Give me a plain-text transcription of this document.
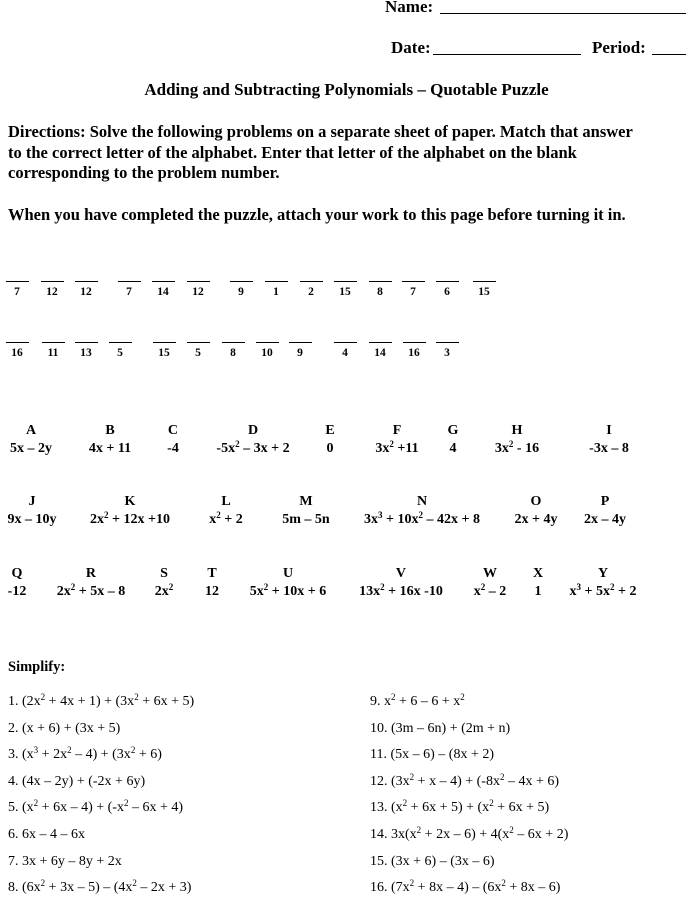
Name:
Date:	Period:
Adding and Subtracting Polynomials – Quotable Puzzle
Directions: Solve the following problems on a separate sheet of paper. Match that answer
to the correct letter of the alphabet. Enter that letter of the alphabet on the blank
corresponding to the problem number.
When you have completed the puzzle, attach your work to this page before turning it in.
7 12 12	7 14 12	9	1	2 15 8 7 6 15
16 11 13 5	15 5	8 10 9	4 14 16 3
A
5x – 2y
B
4x + 11
C
-4
D
$-5x^2 - 3x + 2$
E
0
F
$3x^2 +11$
G
4
H
$3x^2 - 16$
I
-3x – 8
J
9x – 10y
K
$2x^2 + 12x +10$
L
$x^2 + 2$
M
5m – 5n
N
$3x^3 + 10x^2 - 42x + 8$
O
2x + 4y
P
2x – 4y
Q
-12
R
$2x^2 + 5x - 8$
S
$2x^2$
T
12
U
$5x^2 + 10x + 6$
V
$13x^2 + 16x$ -10
W
$x^2 - 2$
X
1
Y
$x^3 + 5x^2 + 2$
Simplify:
1. $(2x^2 + 4x + 1) + (3x^2 + 6x + 5)$
2. (x + 6) + (3x + 5)
3. $(x^3 + 2x^2 - 4) + (3x^2 + 6)$
4. (4x – 2y) + (-2x + 6y)
5. $(x^2 + 6x - 4) + (-x^2 - 6x + 4)$
6. 6x – 4 – 6x
7. 3x + 6y – 8y + 2x
8. $(6x^2 + 3x - 5) - (4x^2 - 2x + 3)$
9. $x^2 + 6 - 6 + x^2$
10. (3m – 6n) + (2m + n)
11. (5x – 6) – (8x + 2)
12. $(3x^2 + x - 4) + (-8x^2 - 4x + 6)$
13. $(x^2 + 6x + 5) + (x^2 + 6x + 5)$
14. $3x(x^2 + 2x - 6) + 4(x^2 - 6x + 2)$
15. (3x + 6) – (3x – 6)
16. $(7x^2 + 8x - 4) - (6x^2 + 8x - 6)$
